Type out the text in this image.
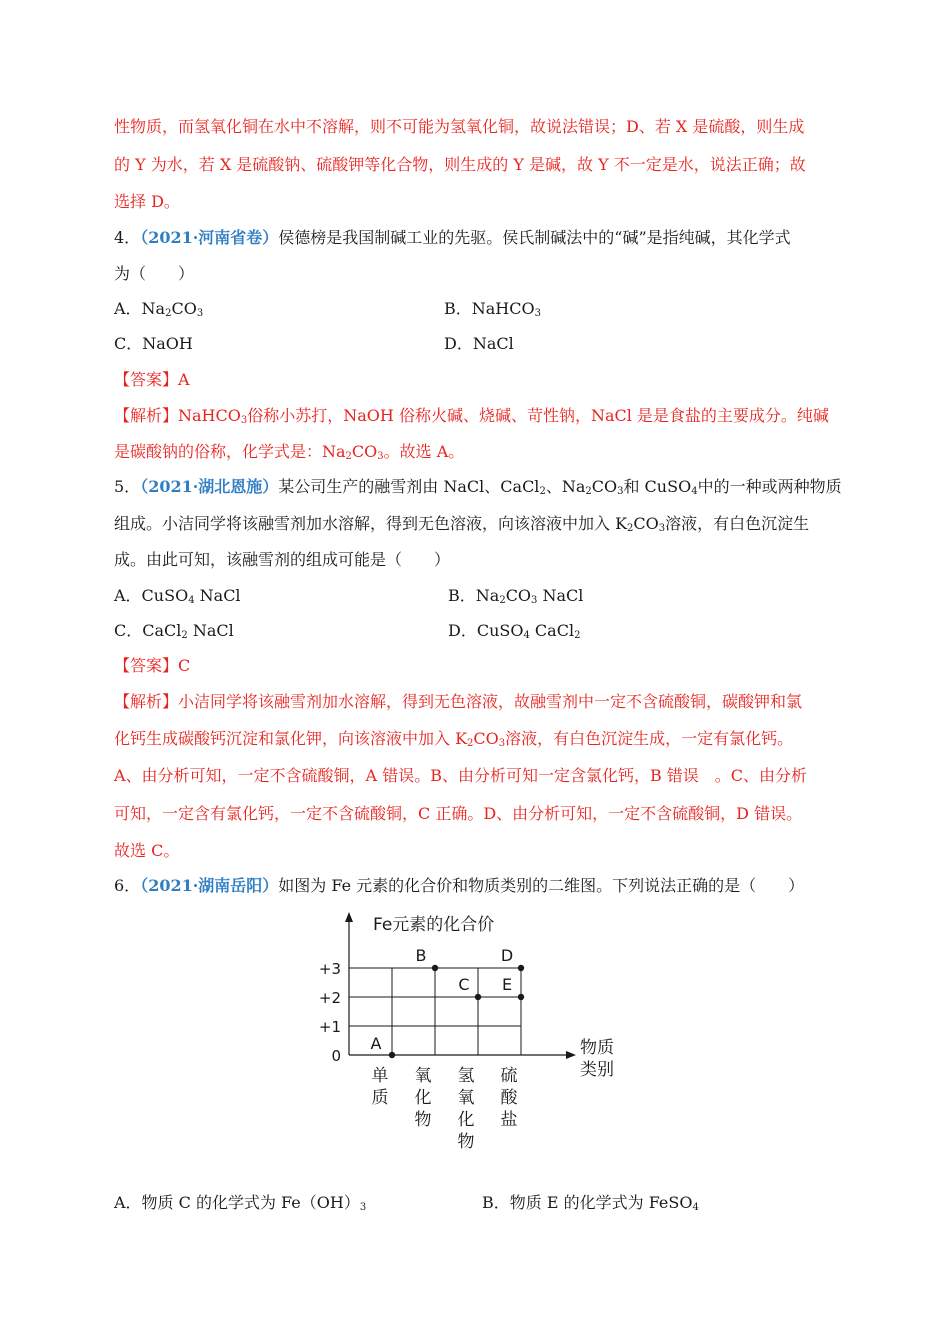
性物质，而氢氧化铜在水中不溶解，则不可能为氢氧化铜，故说法错误；D、若 X 是硫酸，则生成
的 Y 为水，若 X 是硫酸钠、硫酸钾等化合物，则生成的 Y 是碱，故 Y 不一定是水，说法正确；故
选择 D。
4．（2021·河南省卷）侯德榜是我国制碱工业的先驱。侯氏制碱法中的“碱”是指纯碱，其化学式
为（　　）
A．$Na_2CO_3$	B．NaHCO$_3$
C．NaOH	D．NaCl
【答案】A
【解析】NaHCO$_3$俗称小苏打，NaOH 俗称火碱、烧碱、苛性钠，NaCl 是是食盐的主要成分。纯碱
是碳酸钠的俗称，化学式是：$Na_2CO_3$。故选 A。
5．（2021·湖北恩施）某公司生产的融雪剂由 NaCl、CaCl$_2$、$Na_2CO_3$和 CuSO$_4$中的一种或两种物质
组成。小洁同学将该融雪剂加水溶解，得到无色溶液，向该溶液中加入 $K_2CO_3$溶液，有白色沉淀生
成。由此可知，该融雪剂的组成可能是（　　）
A．CuSO$_4$ NaCl	B．$Na_2CO_3$ NaCl
C．CaCl$_2$ NaCl	D．CuSO$_4$ CaCl$_2$
【答案】C
【解析】小洁同学将该融雪剂加水溶解，得到无色溶液，故融雪剂中一定不含硫酸铜，碳酸钾和氯
化钙生成碳酸钙沉淀和氯化钾，向该溶液中加入 $K_2CO_3$溶液，有白色沉淀生成，一定有氯化钙。
A、由分析可知，一定不含硫酸铜，A 错误。B、由分析可知一定含氯化钙，B 错误　。C、由分析
可知，一定含有氯化钙，一定不含硫酸铜，C 正确。D、由分析可知，一定不含硫酸铜，D 错误。
故选 C。
6．（2021·湖南岳阳）如图为 Fe 元素的化合价和物质类别的二维图。下列说法正确的是（　　）
Fe元素的化合价
+3
+2
+1
0
单质
氧化物
氢氧化物
硫酸盐
物质类别
A
B
C
D
E
A．物质 C 的化学式为 $Fe(OH)_3$	B．物质 E 的化学式为 FeSO$_4$
